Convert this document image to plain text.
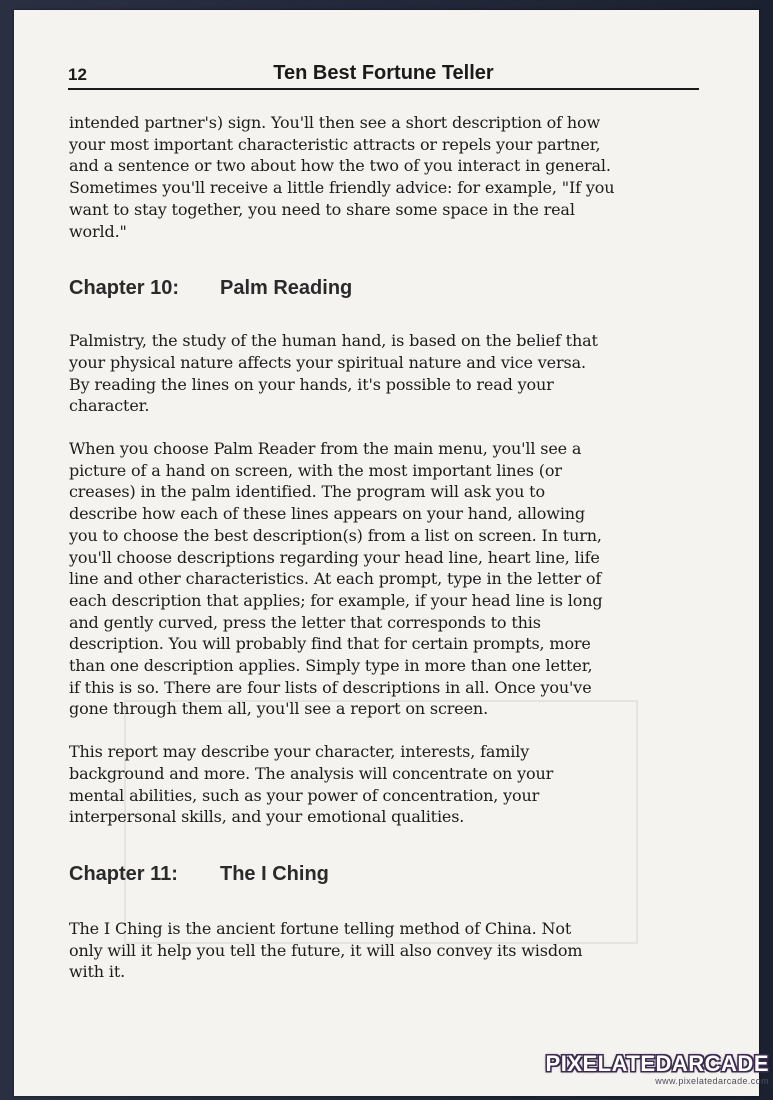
12	Ten Best Fortune Teller

intended partner's) sign. You'll then see a short description of how
your most important characteristic attracts or repels your partner,
and a sentence or two about how the two of you interact in general.
Sometimes you'll receive a little friendly advice: for example, "If you
want to stay together, you need to share some space in the real
world."

Chapter 10: Palm Reading

Palmistry, the study of the human hand, is based on the belief that
your physical nature affects your spiritual nature and vice versa.
By reading the lines on your hands, it's possible to read your
character.

When you choose Palm Reader from the main menu, you'll see a
picture of a hand on screen, with the most important lines (or
creases) in the palm identified. The program will ask you to
describe how each of these lines appears on your hand, allowing
you to choose the best description(s) from a list on screen. In turn,
you'll choose descriptions regarding your head line, heart line, life
line and other characteristics. At each prompt, type in the letter of
each description that applies; for example, if your head line is long
and gently curved, press the letter that corresponds to this
description. You will probably find that for certain prompts, more
than one description applies. Simply type in more than one letter,
if this is so. There are four lists of descriptions in all. Once you've
gone through them all, you'll see a report on screen.

This report may describe your character, interests, family
background and more. The analysis will concentrate on your
mental abilities, such as your power of concentration, your
interpersonal skills, and your emotional qualities.

Chapter 11: The I Ching

The I Ching is the ancient fortune telling method of China. Not
only will it help you tell the future, it will also convey its wisdom
with it.

PIXELATEDARCADE
www.pixelatedarcade.com
